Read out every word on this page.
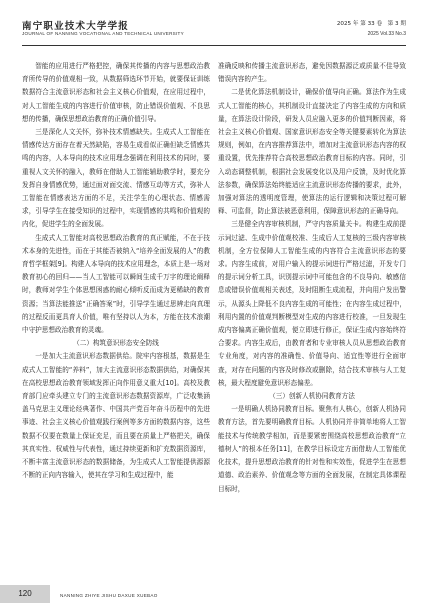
南宁职业技术大学学报
JOURNAL OF NANNING VOCATIONAL AND TECHNICAL UNIVERSITY
2025 年 第 33 卷　第 3 期
2025 Vol.33 No.3

智能的应用进行严格把控，确保其传播的内容与思想政治教育所传导的价值观相一致，从数据筛选环节开始，就要保证训练数据符合主流意识形态和社会主义核心价值观，在应用过程中，对人工智能生成的内容进行价值审核，防止错误价值观、不良思想的传播，确保思想政治教育的正确价值引导。

三是深化人文关怀，弥补技术情感缺失。生成式人工智能在情感传达方面存在着天然缺陷，容易生成看似正确但缺乏情感共鸣的内容，人本导向的技术应用理念强调在利用技术的同时，要重视人文关怀的融入，教师在借助人工智能辅助教学时，要充分发挥自身情感优势，通过面对面交流、情感互动等方式，弥补人工智能在情感表达方面的不足，关注学生的心理状态、情感需求，引导学生在接受知识的过程中，实现情感的共鸣和价值观的内化，促进学生的全面发展。

生成式人工智能对高校思想政治教育的真正赋能，不在于技术本身的先进性，而在于其能否被纳入“培养全面发展的人”的教育哲学框架[9]。构建人本导向的技术应用理念，本质上是一场对教育初心的回归——当人工智能可以瞬间生成千万字的理论阐释时，教师对学生个体思想困惑的耐心倾听反而成为更稀缺的教育资源；当算法能推送“正确答案”时，引导学生通过思辨走向真理的过程反而更具育人价值，唯有坚持以人为本，方能在技术浪潮中守护思想政治教育的灵魂。

（二）构筑意识形态安全防线

一是加大主流意识形态数据供给。院牢内容根基，数据是生成式人工智能的“养料”，加大主流意识形态数据供给，对确保其在高校思想政治教育领域发挥正向作用意义重大[10]。高校及教育部门应牵头建立专门的主流意识形态数据资源库，广泛收集涵盖马克思主义理论经典著作、中国共产党百年奋斗历程中的先进事迹、社会主义核心价值观践行案例等多方面的数据内容，这些数据不仅要在数量上保证充足，而且要在质量上严格把关，确保其真实性、权威性与代表性，通过持续更新和扩充数据资源库，不断丰富主流意识形态的数据储备，为生成式人工智能提供源源不断的正向内容输入，使其在学习和生成过程中，能

准确反映和传播主流意识形态，避免因数据源泛或质量不佳导致错误内容的产生。

二是优化算法机制设计，确保价值导向正确。算法作为生成式人工智能的核心，其机制设计直接决定了内容生成的方向和质量，在算法设计阶段，研发人员应融入更多的价值判断因素，将社会主义核心价值观、国家意识形态安全等关键要素转化为算法规则，例如，在内容推荐算法中，增加对主流意识形态内容的权重设置，优先推荐符合高校思想政治教育目标的内容。同时，引入动态调整机制，根据社会发展变化以及用户反馈，及时优化算法参数，确保算法始终能适应主流意识形态传播的要求，此外，加强对算法的透明度管理，使算法的运行逻辑和决策过程可解释、可监督，防止算法被恶意利用，保障意识形态的正确导向。

三是健全内容审核机制，严守内容质量关卡。构建生成前提示词过滤、生成中价值观校准、生成后人工复核的三级内容审核机制，全方位保障人工智能生成的内容符合主流意识形态的要求。内容生成前，对用户输入的提示词进行严格过滤，开发专门的提示词分析工具，识别提示词中可能包含的不良导向、敏感信息或错误价值观相关表述，及时阻断生成流程，并向用户发出警示，从源头上降低不良内容生成的可能性；在内容生成过程中，利用内置的价值观判断模型对生成的内容进行校准，一旦发现生成内容偏离正确价值观，便立即进行修正，保证生成内容始终符合要求。内容生成后，由教育者和专业审核人员从思想政治教育专业角度，对内容的准确性、价值导向、适宜性等进行全面审查，对存在问题的内容及时修改或删除，结合技术审核与人工复核，最大程度避免意识形态偏差。

（三）创新人机协同教育方法

一是明确人机协同教育目标。聚焦有人核心，创新人机协同教育方法，首先要明确教育目标。人机协同并非简单地将人工智能技术与传统教学相加，而是要紧密围绕高校思想政治教育“立德树人”的根本任务[11]，在教学目标设定方面借助人工智能优化技术，提升思想政治教育的针对性和实效性，促进学生在思想道德、政治素养、价值观念等方面的全面发展，在制定具体课程目标时，

120	NANNING ZHIYE JISHU DAXUE XUEBAO
